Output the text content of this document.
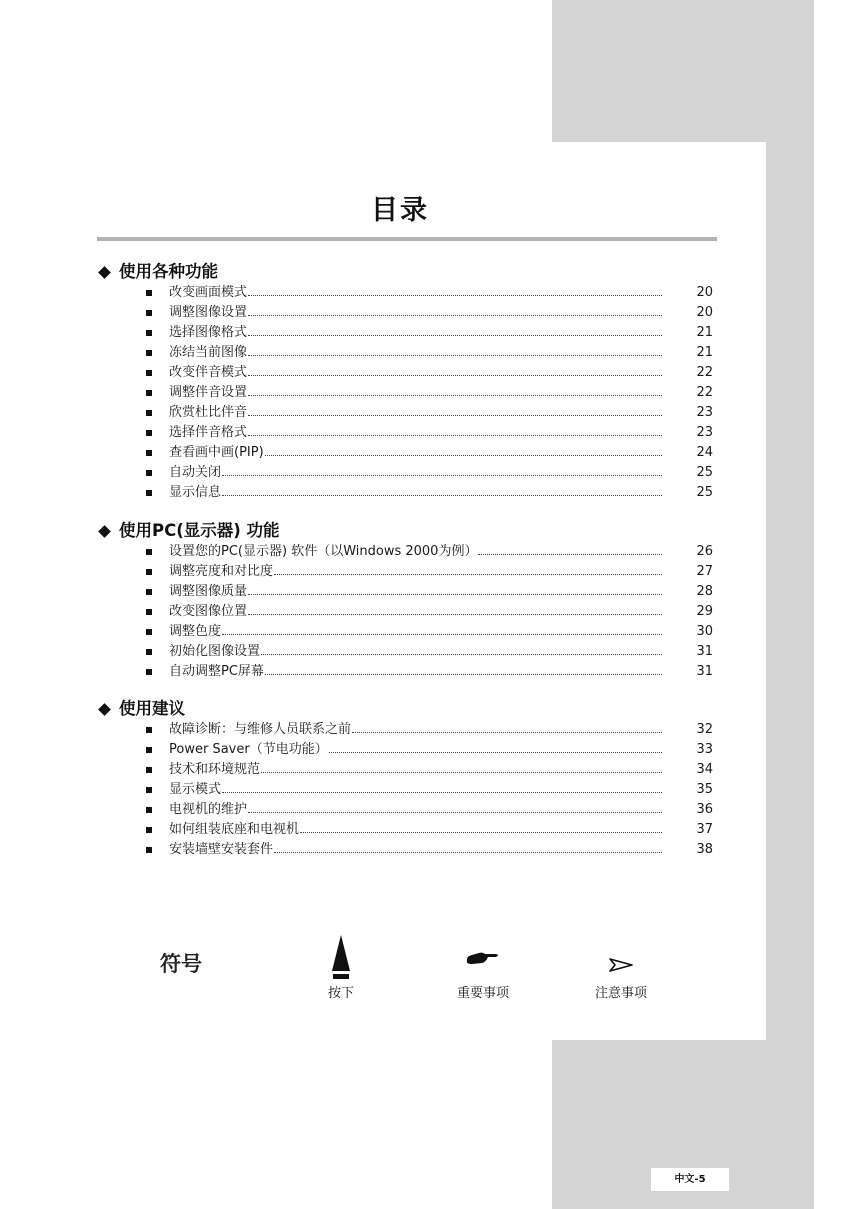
目录
使用各种功能
改变画面模式	20
调整图像设置	20
选择图像格式	21
冻结当前图像	21
改变伴音模式	22
调整伴音设置	22
欣赏杜比伴音	23
选择伴音格式	23
查看画中画(PIP)	24
自动关闭	25
显示信息	25
使用PC(显示器) 功能
设置您的PC(显示器) 软件（以Windows 2000为例）	26
调整亮度和对比度	27
调整图像质量	28
改变图像位置	29
调整色度	30
初始化图像设置	31
自动调整PC屏幕	31
使用建议
故障诊断：与维修人员联系之前	32
Power Saver（节电功能）	33
技术和环境规范	34
显示模式	35
电视机的维护	36
如何组装底座和电视机	37
安装墙壁安装套件	38
符号
按下	重要事项	注意事项
中文-5
